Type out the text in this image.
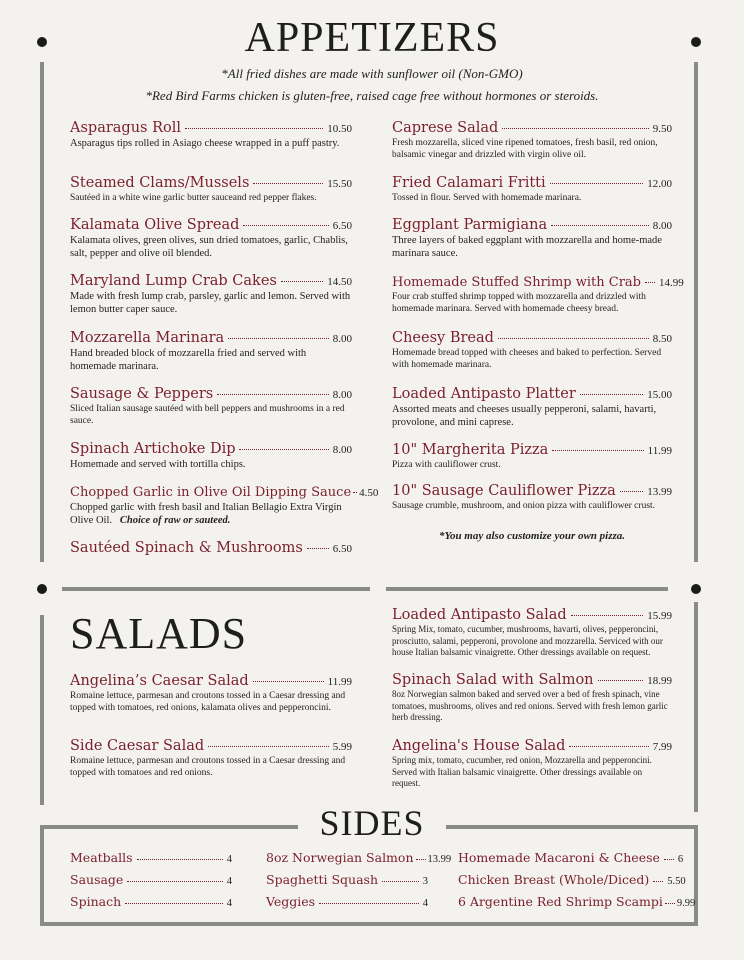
APPETIZERS
*All fried dishes are made with sunflower oil (Non-GMO)
*Red Bird Farms chicken is gluten-free, raised cage free without hormones or steroids.
Asparagus Roll	10.50
Asparagus tips rolled in Asiago cheese wrapped in a puff pastry.
Steamed Clams/Mussels	15.50
Sautéed in a white wine garlic butter sauceand red pepper flakes.
Kalamata Olive Spread	6.50
Kalamata olives, green olives, sun dried tomatoes, garlic, Chablis, salt, pepper and olive oil blended.
Maryland Lump Crab Cakes	14.50
Made with fresh lump crab, parsley, garlic and lemon. Served with lemon butter caper sauce.
Mozzarella Marinara	8.00
Hand breaded block of mozzarella fried and served with homemade marinara.
Sausage & Peppers	8.00
Sliced Italian sausage sautéed with bell peppers and mushrooms in a red sauce.
Spinach Artichoke Dip	8.00
Homemade and served with tortilla chips.
Chopped Garlic in Olive Oil Dipping Sauce 4.50
Chopped garlic with fresh basil and Italian Bellagio Extra Virgin Olive Oil. Choice of raw or sauteed.
Sautéed Spinach & Mushrooms	6.50
Caprese Salad	9.50
Fresh mozzarella, sliced vine ripened tomatoes, fresh basil, red onion, balsamic vinegar and drizzled with virgin olive oil.
Fried Calamari Fritti	12.00
Tossed in flour. Served with homemade marinara.
Eggplant Parmigiana	8.00
Three layers of baked eggplant with mozzarella and home-made marinara sauce.
Homemade Stuffed Shrimp with Crab 14.99
Four crab stuffed shrimp topped with mozzarella and drizzled with homemade marinara. Served with homemade cheesy bread.
Cheesy Bread	8.50
Homemade bread topped with cheeses and baked to perfection. Served with homemade marinara.
Loaded Antipasto Platter	15.00
Assorted meats and cheeses usually pepperoni, salami, havarti, provolone, and mini caprese.
10" Margherita Pizza	11.99
Pizza with cauliflower crust.
10" Sausage Cauliflower Pizza	13.99
Sausage crumble, mushroom, and onion pizza with cauliflower crust.
*You may also customize your own pizza.
SALADS
Angelina’s Caesar Salad	11.99
Romaine lettuce, parmesan and croutons tossed in a Caesar dressing and topped with tomatoes, red onions, kalamata olives and pepperoncini.
Side Caesar Salad	5.99
Romaine lettuce, parmesan and croutons tossed in a Caesar dressing and topped with tomatoes and red onions.
Loaded Antipasto Salad	15.99
Spring Mix, tomato, cucumber, mushrooms, havarti, olives, pepperoncini, prosciutto, salami, pepperoni, provolone and mozzarella. Serviced with our house Italian balsamic vinaigrette. Other dressings available on request.
Spinach Salad with Salmon	18.99
8oz Norwegian salmon baked and served over a bed of fresh spinach, vine tomatoes, mushrooms, olives and red onions. Served with fresh lemon garlic herb dressing.
Angelina's House Salad	7.99
Spring mix, tomato, cucumber, red onion, Mozzarella and pepperoncini. Served with Italian balsamic vinaigrette. Other dressings available on request.
SIDES
Meatballs	4
Sausage	4
Spinach	4
8oz Norwegian Salmon 13.99
Spaghetti Squash	3
Veggies	4
Homemade Macaroni & Cheese 6
Chicken Breast (Whole/Diced) 5.50
6 Argentine Red Shrimp Scampi 9.99
